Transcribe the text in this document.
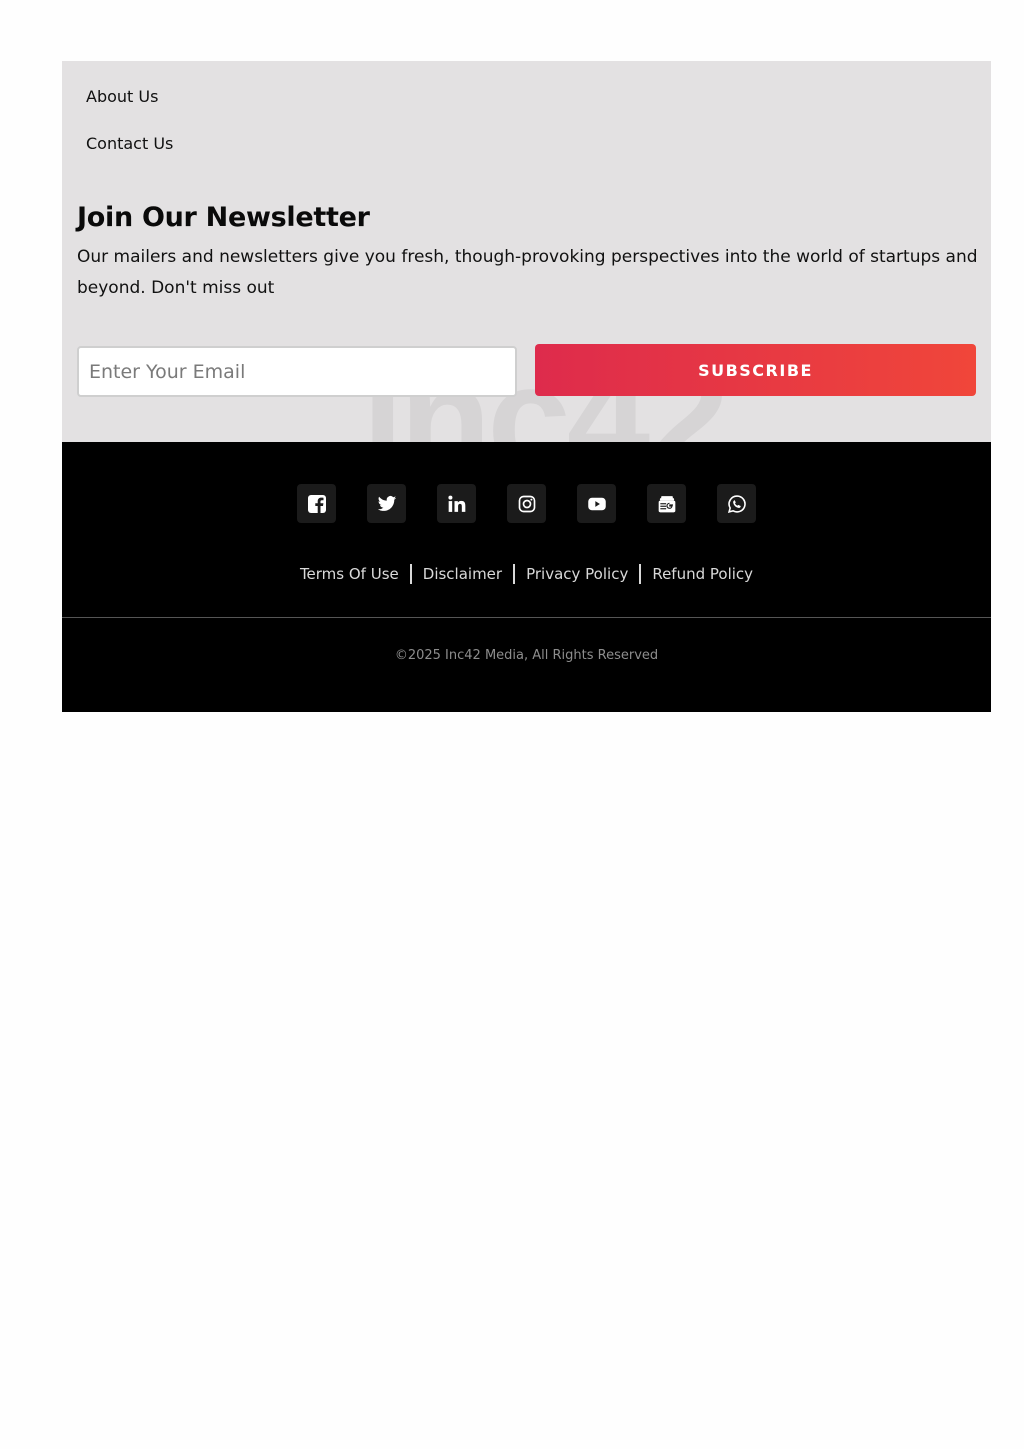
About Us
Contact Us
Join Our Newsletter

Our mailers and newsletters give you fresh, though-provoking perspectives into the world of startups and beyond. Don't miss out

Enter Your Email
SUBSCRIBE
Terms Of Use	Disclaimer	Privacy Policy	Refund Policy
©2025 Inc42 Media, All Rights Reserved
